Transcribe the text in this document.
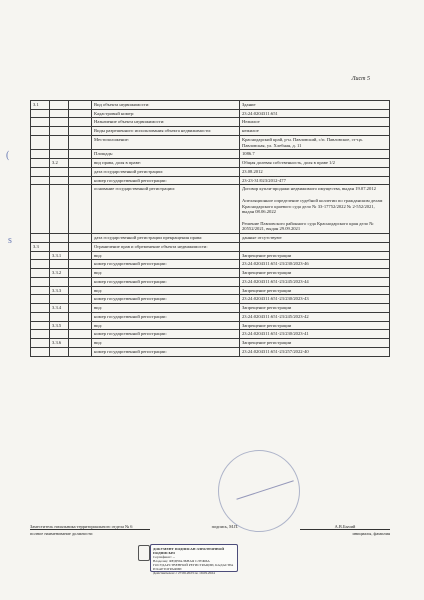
Лист 5
(
s
3.1			Вид объекта недвижимости:	Здание
			Кадастровый номер:	23:24:0204311:651
			Назначение объекта недвижимости:	Нежилое
			Виды разрешенного использования объекта недвижимости:	нежилое
			Местоположение:	Краснодарский край, р-н. Павловский, с/п. Павловское, ст-ца. Павловская, ул. Хлебная, д. 11
			Площадь:	1086.7
	3.2		вид права, доля в праве:	Общая долевая собственность, доля в праве 1/2
			дата государственной регистрации:	23.08.2012
			номер государственной регистрации:	23-23-31/023/2012-477
			основание государственной регистрации:	Договор купли-продажи недвижимого имущества, выдан 19.07.2012

Апелляционное определение судебной коллегии по гражданским делам Краснодарского краевого суда дело № 33-17752/2022 № 2-552/2021, выдан 08.06.2022

Решение Павловского районного суда Краснодарского края дело № 20552/2021, выдан 29.09.2021
			дата государственной регистрации прекращения права:	данные отсутствуют
3.3			Ограничение прав и обременение объекта недвижимости:	
	3.3.1		вид:	Запрещение регистрации
			номер государственной регистрации:	23:24:0204311:651-23/230/2023-46
	3.3.2		вид:	Запрещение регистрации
			номер государственной регистрации:	23:24:0204311:651-23/245/2023-44
	3.3.3		вид:	Запрещение регистрации
			номер государственной регистрации:	23:24:0204311:651-23/230/2023-43
	3.3.4		вид:	Запрещение регистрации
			номер государственной регистрации:	23:24:0204311:651-23/245/2023-42
	3.3.5		вид:	Запрещение регистрации
			номер государственной регистрации:	23:24:0204311:651-23/230/2023-41
	3.3.6		вид:	Запрещение регистрации
			номер государственной регистрации:	23:24:0204311:651-23/257/2022-40
Заместитель начальника территориального отдела № 6	подпись, М.П.	А.В.Бычий
полное наименование должности	инициалы, фамилия
ДОКУМЕНТ ПОДПИСАН ЭЛЕКТРОННОЙ ПОДПИСЬЮ
Сертификат: ...
Владелец: ФЕДЕРАЛЬНАЯ СЛУЖБА ГОСУДАРСТВЕННОЙ РЕГИСТРАЦИИ, КАДАСТРА И КАРТОГРАФИИ
Действителен: с 27.06.2023 по 19.09.2024
